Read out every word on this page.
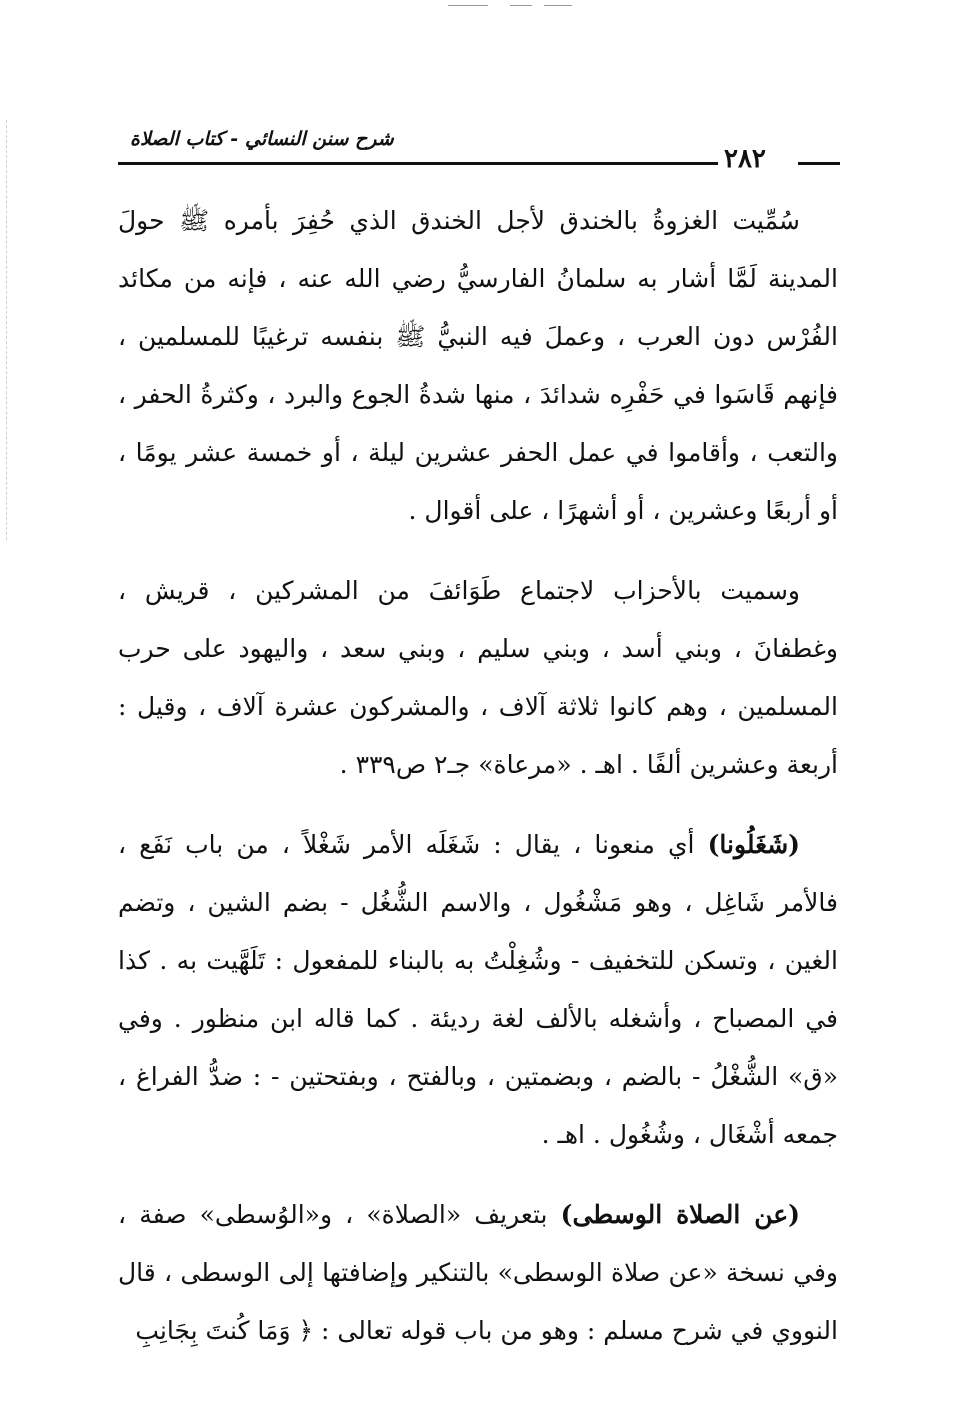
شرح سنن النسائي - كتاب الصلاة
٢٨٢

سُمِّيت الغزوةُ بالخندق لأجل الخندق الذي حُفِرَ بأمره ﷺ حولَ المدينة لَمَّا أشار به سلمانُ الفارسيُّ رضي الله عنه ، فإنه من مكائد الفُرْس دون العرب ، وعملَ فيه النبيُّ ﷺ بنفسه ترغيبًا للمسلمين ، فإنهم قَاسَوا في حَفْرِه شدائدَ ، منها شدةُ الجوع والبرد ، وكثرةُ الحفر ، والتعب ، وأقاموا في عمل الحفر عشرين ليلة ، أو خمسة عشر يومًا ، أو أربعًا وعشرين ، أو أشهرًا ، على أقوال .

وسميت بالأحزاب لاجتماع طَوَائفَ من المشركين ، قريش ، وغطفانَ ، وبني أسد ، وبني سليم ، وبني سعد ، واليهود على حرب المسلمين ، وهم كانوا ثلاثة آلاف ، والمشركون عشرة آلاف ، وقيل : أربعة وعشرين ألفًا . اهـ . «مرعاة» جـ٢ ص٣٣٩ .

(شَغَلُونا) أي منعونا ، يقال : شَغَلَه الأمر شَغْلاً ، من باب نَفَع ، فالأمر شَاغِل ، وهو مَشْغُول ، والاسم الشُّغُل - بضم الشين ، وتضم الغين ، وتسكن للتخفيف - وشُغِلْتُ به بالبناء للمفعول : تَلَهَّيت به . كذا في المصباح ، وأشغله بالألف لغة رديئة . كما قاله ابن منظور . وفي «ق» الشُّغْلُ - بالضم ، وبضمتين ، وبالفتح ، وبفتحتين - : ضدُّ الفراغ ، جمعه أشْغَال ، وشُغُول . اهـ .

(عن الصلاة الوسطى) بتعريف «الصلاة» ، و«الوُسطى» صفة ، وفي نسخة «عن صلاة الوسطى» بالتنكير وإضافتها إلى الوسطى ، قال النووي في شرح مسلم : وهو من باب قوله تعالى : ﴿ وَمَا كُنتَ بِجَانِبِ
